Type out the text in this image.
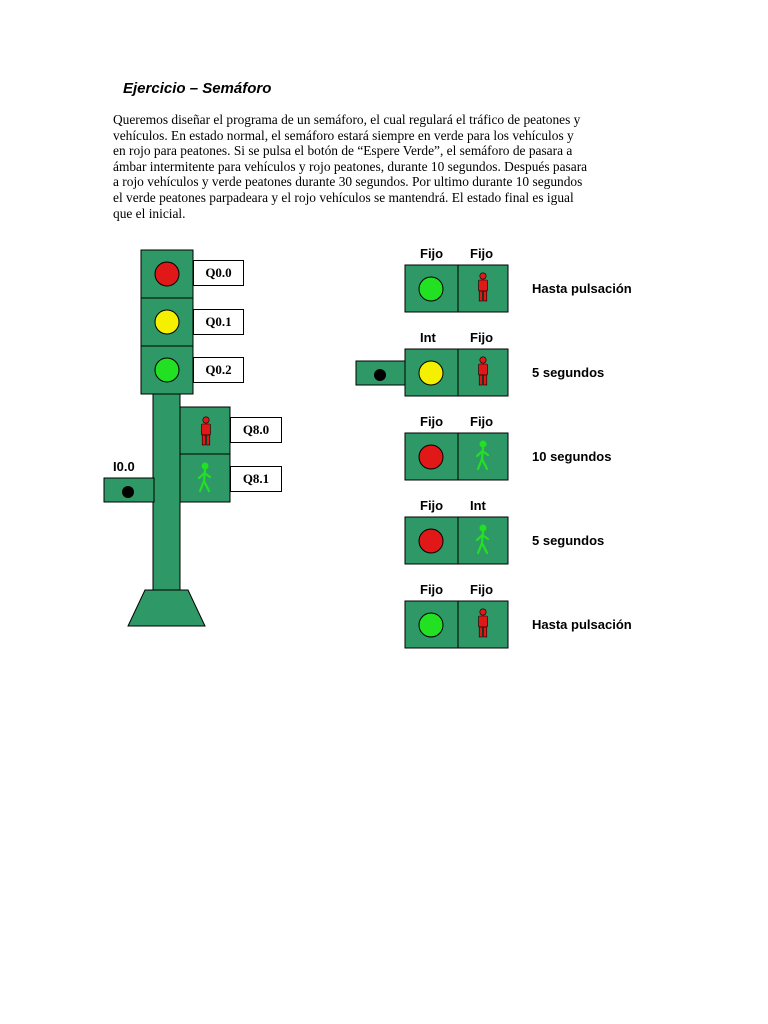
Ejercicio – Semáforo
Queremos diseñar el programa de un semáforo, el cual regulará el tráfico de peatones y
vehículos. En estado normal, el semáforo estará siempre en verde para los vehículos y
en rojo para peatones. Si se pulsa el botón de “Espere Verde”, el semáforo de pasara a
ámbar intermitente para vehículos y rojo peatones, durante 10 segundos. Después pasara
a rojo vehículos y verde peatones durante 30 segundos. Por ultimo durante 10 segundos
el verde peatones parpadeara y el rojo vehículos se mantendrá. El estado final es igual
que el inicial.
Q0.0
Q0.1
Q0.2
Q8.0
Q8.1
I0.0
Fijo Fijo
Hasta pulsación
Int	Fijo
5 segundos
Fijo Fijo
10 segundos
Fijo Int
5 segundos
Fijo Fijo
Hasta pulsación
